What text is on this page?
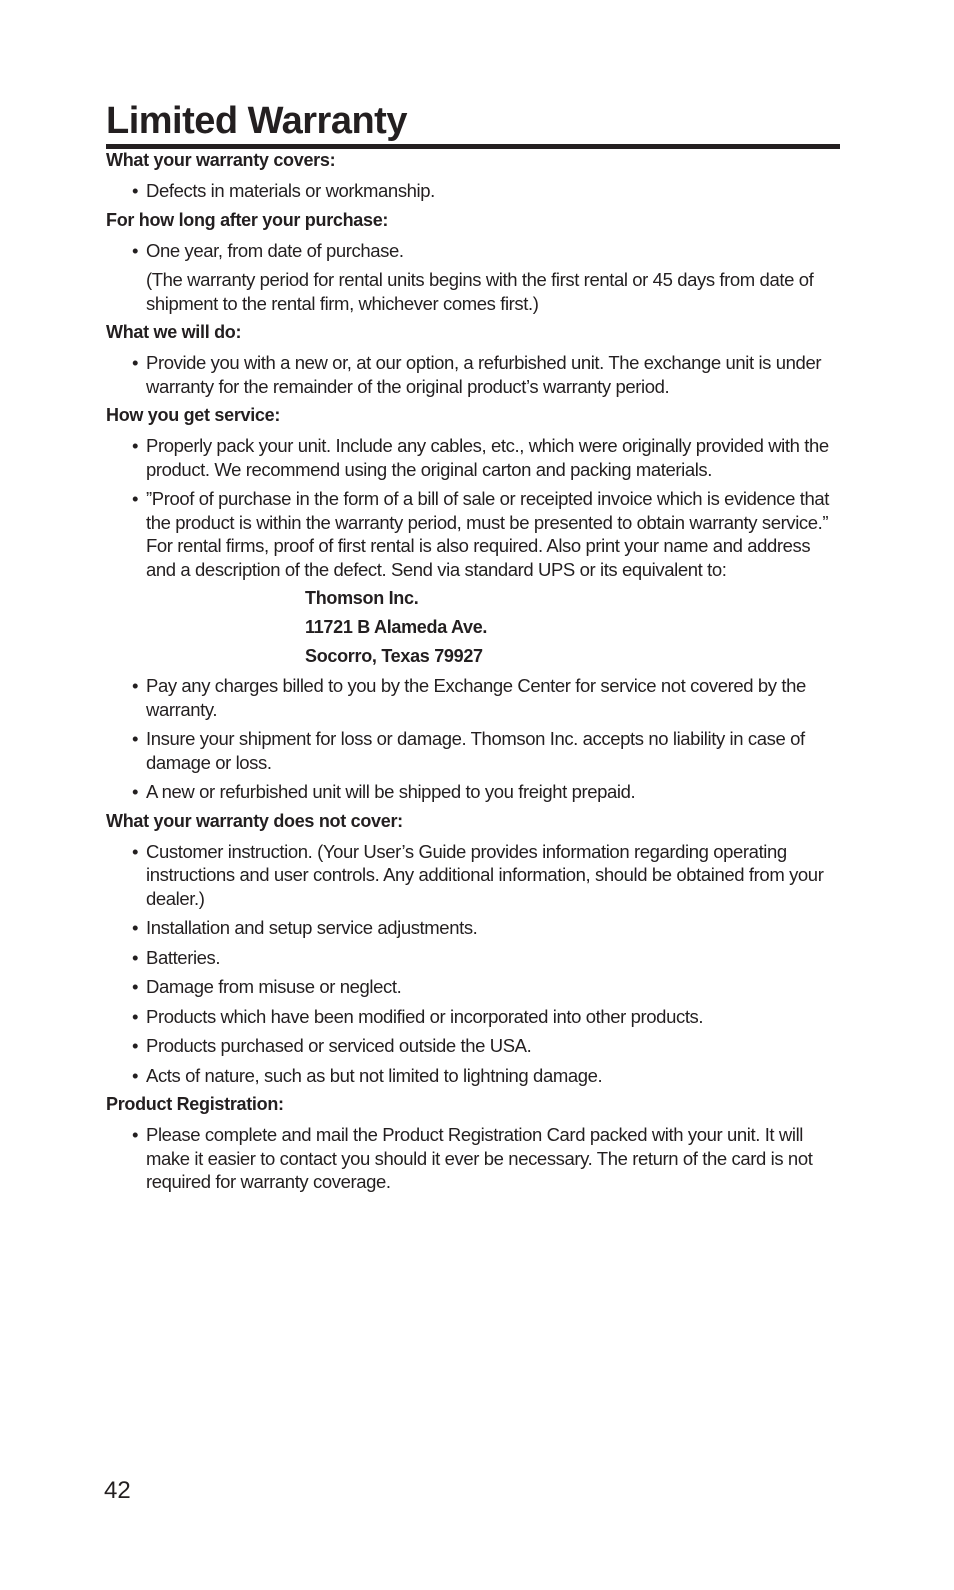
Limited Warranty
What your warranty covers:
• Defects in materials or workmanship.
For how long after your purchase:
• One year, from date of purchase.
(The warranty period for rental units begins with the first rental or 45 days from date of shipment to the rental firm, whichever comes first.)
What we will do:
• Provide you with a new or, at our option, a refurbished unit. The exchange unit is under warranty for the remainder of the original product’s warranty period.
How you get service:
• Properly pack your unit. Include any cables, etc., which were originally provided with the product. We recommend using the original carton and packing materials.
• ”Proof of purchase in the form of a bill of sale or receipted invoice which is evidence that the product is within the warranty period, must be presented to obtain warranty service.” For rental firms, proof of first rental is also required. Also print your name and address and a description of the defect. Send via standard UPS or its equivalent to:
Thomson Inc.
11721 B Alameda Ave.
Socorro, Texas 79927
• Pay any charges billed to you by the Exchange Center for service not covered by the warranty.
• Insure your shipment for loss or damage. Thomson Inc. accepts no liability in case of damage or loss.
• A new or refurbished unit will be shipped to you freight prepaid.
What your warranty does not cover:
• Customer instruction. (Your User’s Guide provides information regarding operating instructions and user controls. Any additional information, should be obtained from your dealer.)
• Installation and setup service adjustments.
• Batteries.
• Damage from misuse or neglect.
• Products which have been modified or incorporated into other products.
• Products purchased or serviced outside the USA.
• Acts of nature, such as but not limited to lightning damage.
Product Registration:
• Please complete and mail the Product Registration Card packed with your unit. It will make it easier to contact you should it ever be necessary. The return of the card is not required for warranty coverage.
42
